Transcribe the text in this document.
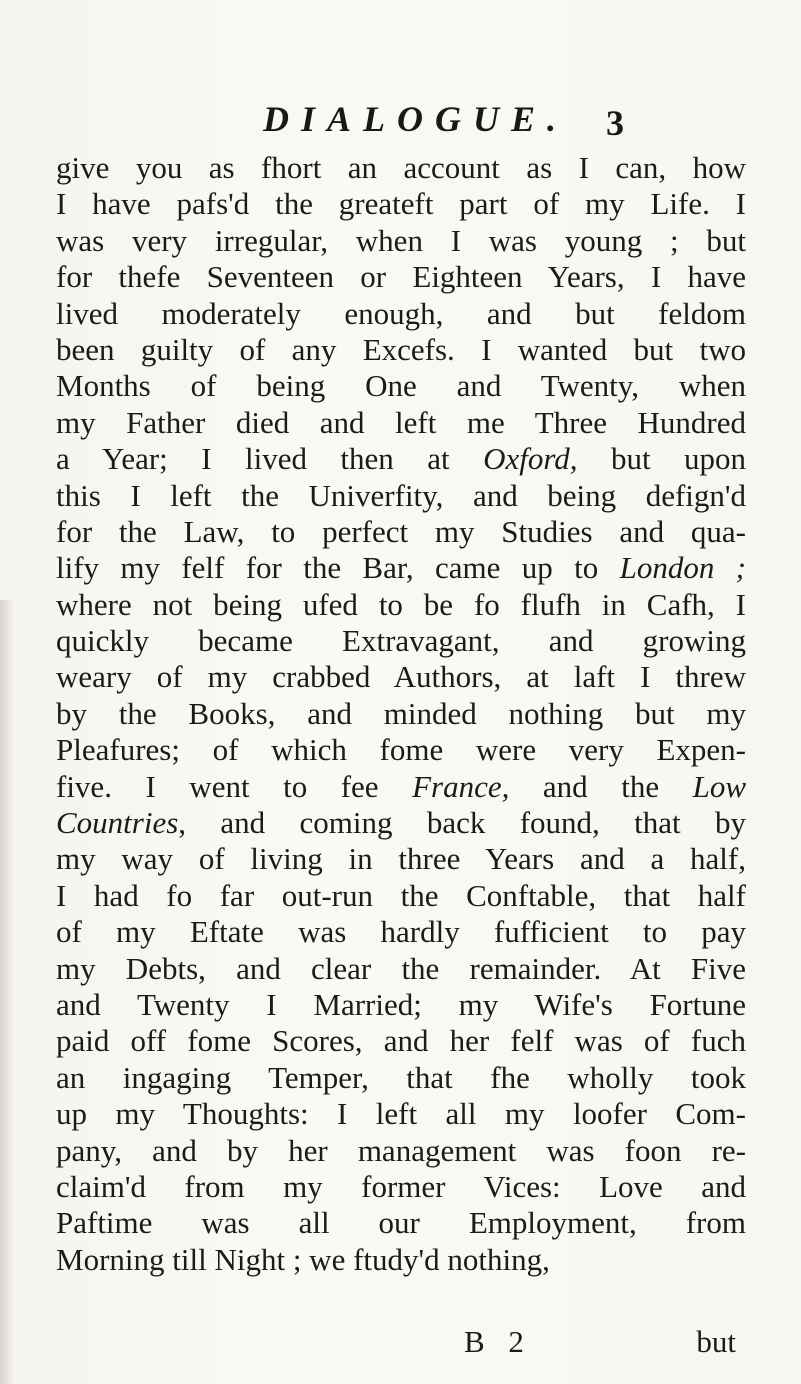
DIALOGUE. 3
give you as fhort an account as I can, how
I have pafs'd the greateft part of my Life. I
was very irregular, when I was young ; but
for thefe Seventeen or Eighteen Years, I have
lived moderately enough, and but feldom
been guilty of any Excefs. I wanted but two
Months of being One and Twenty, when
my Father died and left me Three Hundred
a Year; I lived then at Oxford, but upon
this I left the Univerfity, and being defign'd
for the Law, to perfect my Studies and qua-
lify my felf for the Bar, came up to London ;
where not being ufed to be fo flufh in Cafh, I
quickly became Extravagant, and growing
weary of my crabbed Authors, at laft I threw
by the Books, and minded nothing but my
Pleafures; of which fome were very Expen-
five. I went to fee France, and the Low
Countries, and coming back found, that by
my way of living in three Years and a half,
I had fo far out-run the Conftable, that half
of my Eftate was hardly fufficient to pay
my Debts, and clear the remainder. At Five
and Twenty I Married; my Wife's Fortune
paid off fome Scores, and her felf was of fuch
an ingaging Temper, that fhe wholly took
up my Thoughts: I left all my loofer Com-
pany, and by her management was foon re-
claim'd from my former Vices: Love and
Paftime was all our Employment, from
Morning till Night ; we ftudy'd nothing,
B 2	but
